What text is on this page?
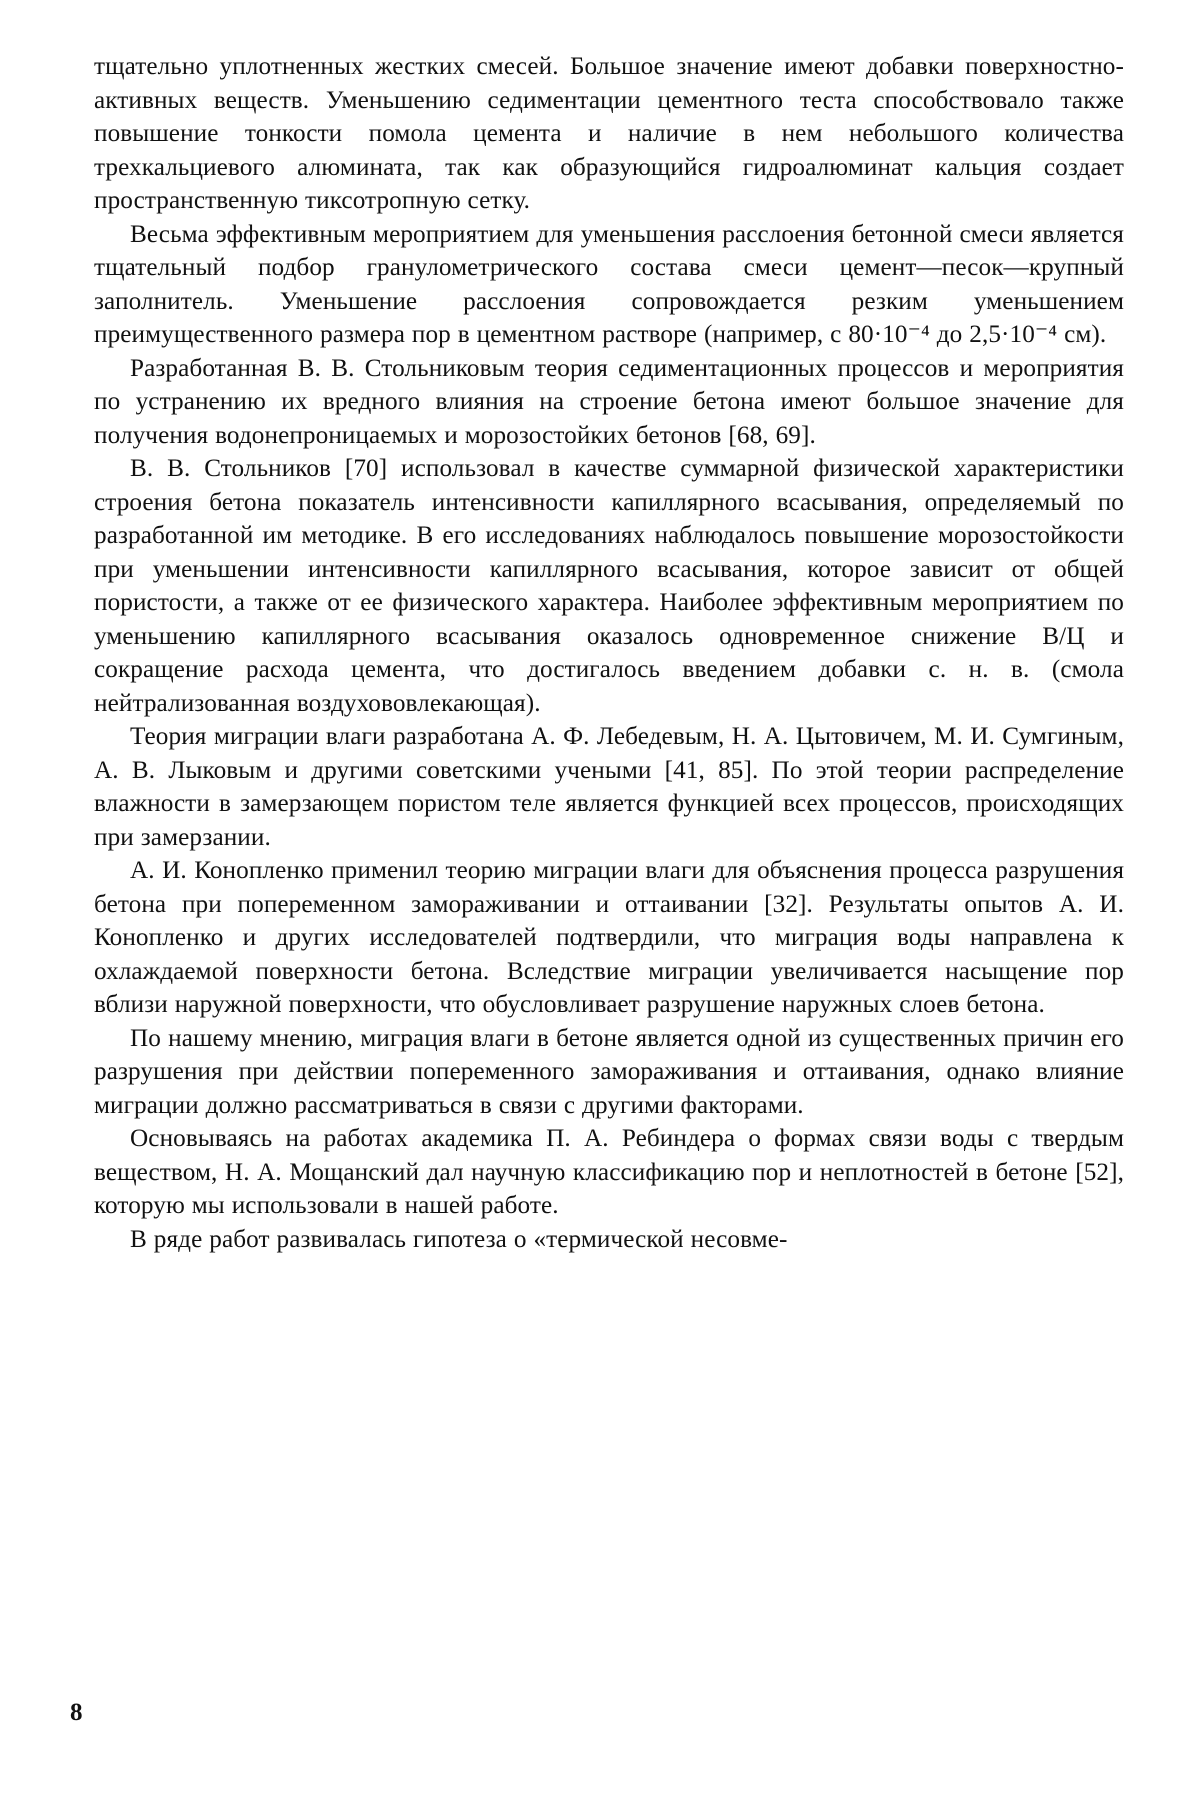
тщательно уплотненных жестких смесей. Большое значение имеют добавки поверхностно-активных веществ. Уменьшению седиментации цементного теста способствовало также повышение тонкости помола цемента и наличие в нем небольшого количества трехкальциевого алюмината, так как образующийся гидроалюминат кальция создает пространственную тиксотропную сетку.

Весьма эффективным мероприятием для уменьшения расслоения бетонной смеси является тщательный подбор гранулометрического состава смеси цемент—песок—крупный заполнитель. Уменьшение расслоения сопровождается резким уменьшением преимущественного размера пор в цементном растворе (например, с 80·10⁻⁴ до 2,5·10⁻⁴ см).

Разработанная В. В. Стольниковым теория седиментационных процессов и мероприятия по устранению их вредного влияния на строение бетона имеют большое значение для получения водонепроницаемых и морозостойких бетонов [68, 69].

В. В. Стольников [70] использовал в качестве суммарной физической характеристики строения бетона показатель интенсивности капиллярного всасывания, определяемый по разработанной им методике. В его исследованиях наблюдалось повышение морозостойкости при уменьшении интенсивности капиллярного всасывания, которое зависит от общей пористости, а также от ее физического характера. Наиболее эффективным мероприятием по уменьшению капиллярного всасывания оказалось одновременное снижение В/Ц и сокращение расхода цемента, что достигалось введением добавки с. н. в. (смола нейтрализованная воздухововлекающая).

Теория миграции влаги разработана А. Ф. Лебедевым, Н. А. Цытовичем, М. И. Сумгиным, А. В. Лыковым и другими советскими учеными [41, 85]. По этой теории распределение влажности в замерзающем пористом теле является функцией всех процессов, происходящих при замерзании.

А. И. Конопленко применил теорию миграции влаги для объяснения процесса разрушения бетона при попеременном замораживании и оттаивании [32]. Результаты опытов А. И. Конопленко и других исследователей подтвердили, что миграция воды направлена к охлаждаемой поверхности бетона. Вследствие миграции увеличивается насыщение пор вблизи наружной поверхности, что обусловливает разрушение наружных слоев бетона.

По нашему мнению, миграция влаги в бетоне является одной из существенных причин его разрушения при действии попеременного замораживания и оттаивания, однако влияние миграции должно рассматриваться в связи с другими факторами.

Основываясь на работах академика П. А. Ребиндера о формах связи воды с твердым веществом, Н. А. Мощанский дал научную классификацию пор и неплотностей в бетоне [52], которую мы использовали в нашей работе.

В ряде работ развивалась гипотеза о «термической несовме-

8
